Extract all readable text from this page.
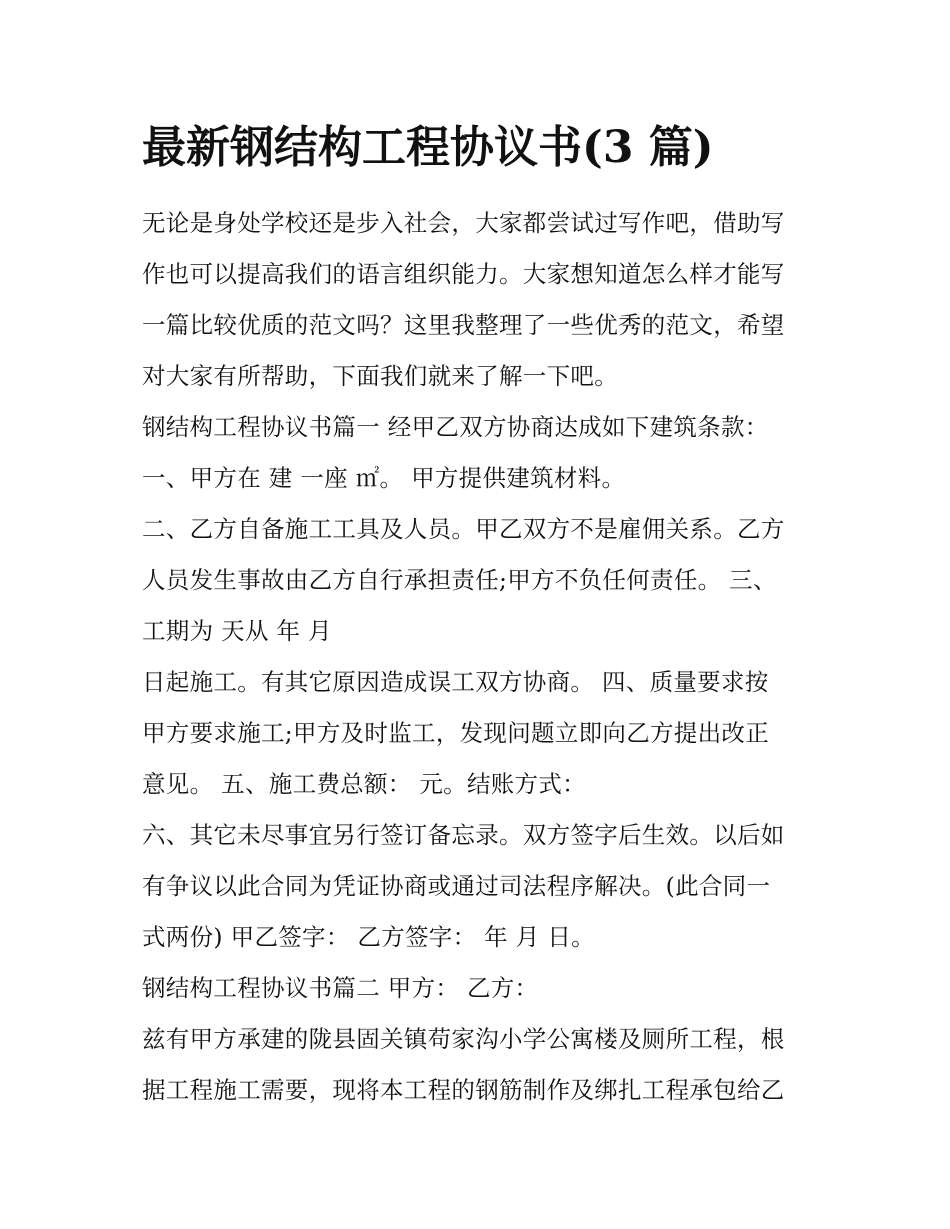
最新钢结构工程协议书(3 篇)

无论是身处学校还是步入社会，大家都尝试过写作吧，借助写

作也可以提高我们的语言组织能力。大家想知道怎么样才能写

一篇比较优质的范文吗？这里我整理了一些优秀的范文，希望

对大家有所帮助，下面我们就来了解一下吧。

钢结构工程协议书篇一 经甲乙双方协商达成如下建筑条款：

一、甲方在 建 一座 ㎡。 甲方提供建筑材料。

二、乙方自备施工工具及人员。甲乙双方不是雇佣关系。乙方

人员发生事故由乙方自行承担责任;甲方不负任何责任。 三、

工期为 天从 年 月

日起施工。有其它原因造成误工双方协商。 四、质量要求按

甲方要求施工;甲方及时监工，发现问题立即向乙方提出改正

意见。 五、施工费总额： 元。结账方式：

六、其它未尽事宜另行签订备忘录。双方签字后生效。以后如

有争议以此合同为凭证协商或通过司法程序解决。(此合同一

式两份) 甲乙签字： 乙方签字： 年 月 日。

钢结构工程协议书篇二 甲方： 乙方：

兹有甲方承建的陇县固关镇苟家沟小学公寓楼及厕所工程，根

据工程施工需要，现将本工程的钢筋制作及绑扎工程承包给乙
